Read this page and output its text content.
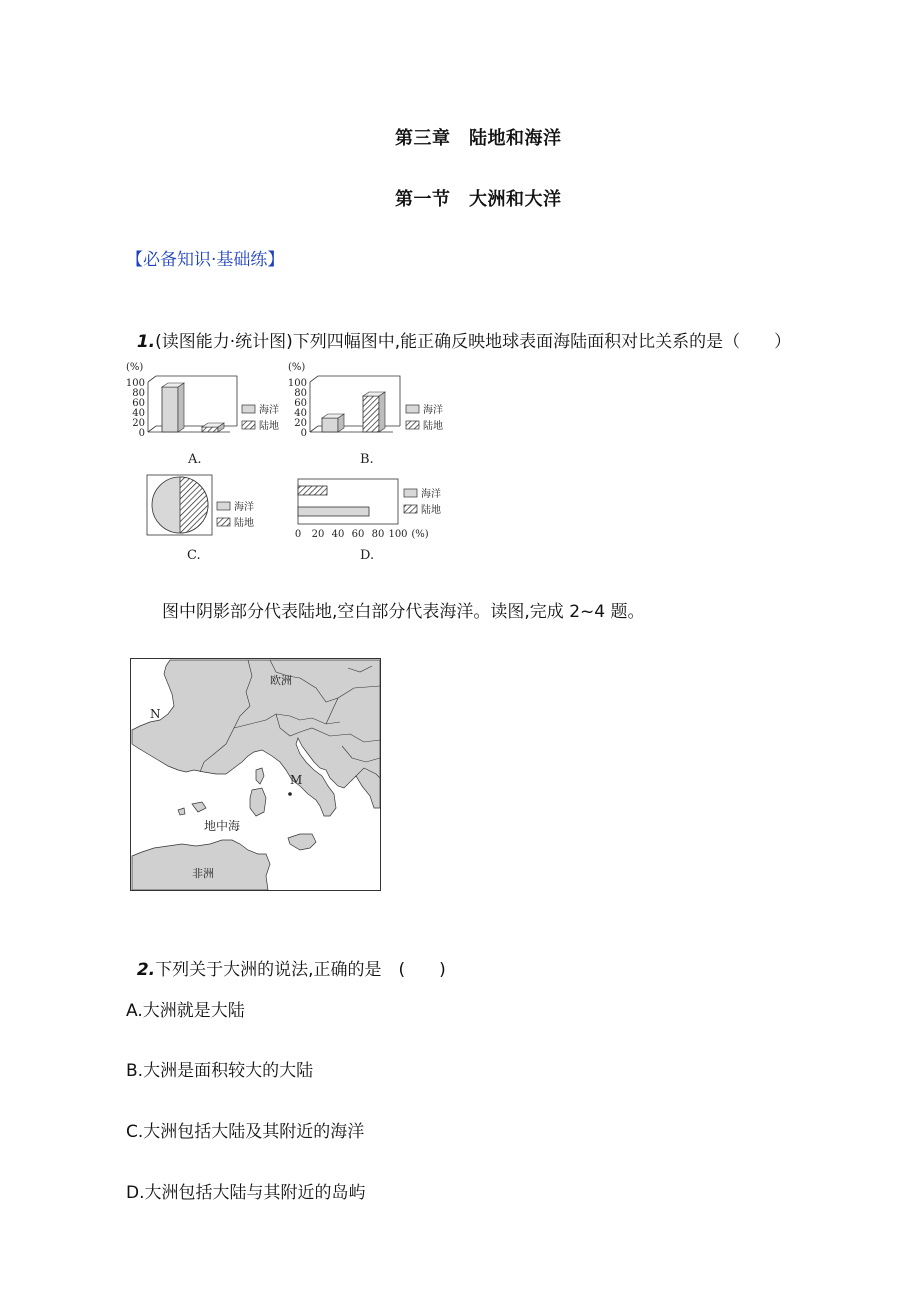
第三章　陆地和海洋
第一节　大洲和大洋
【必备知识·基础练】

1.(读图能力·统计图)下列四幅图中,能正确反映地球表面海陆面积对比关系的是（　　）

(%)
100
80
60
40
20
0
海洋
陆地
A.
(%)
100
80
60
40
20
0
海洋
陆地
B.
海洋
陆地
C.
0 20 40 60 80 100 (%)
海洋
陆地
D.
图中阴影部分代表陆地,空白部分代表海洋。读图,完成 2~4 题。
欧洲
N
M
地中海
非洲

2.下列关于大洲的说法,正确的是　(　　)

A.大洲就是大陆
B.大洲是面积较大的大陆
C.大洲包括大陆及其附近的海洋
D.大洲包括大陆与其附近的岛屿
